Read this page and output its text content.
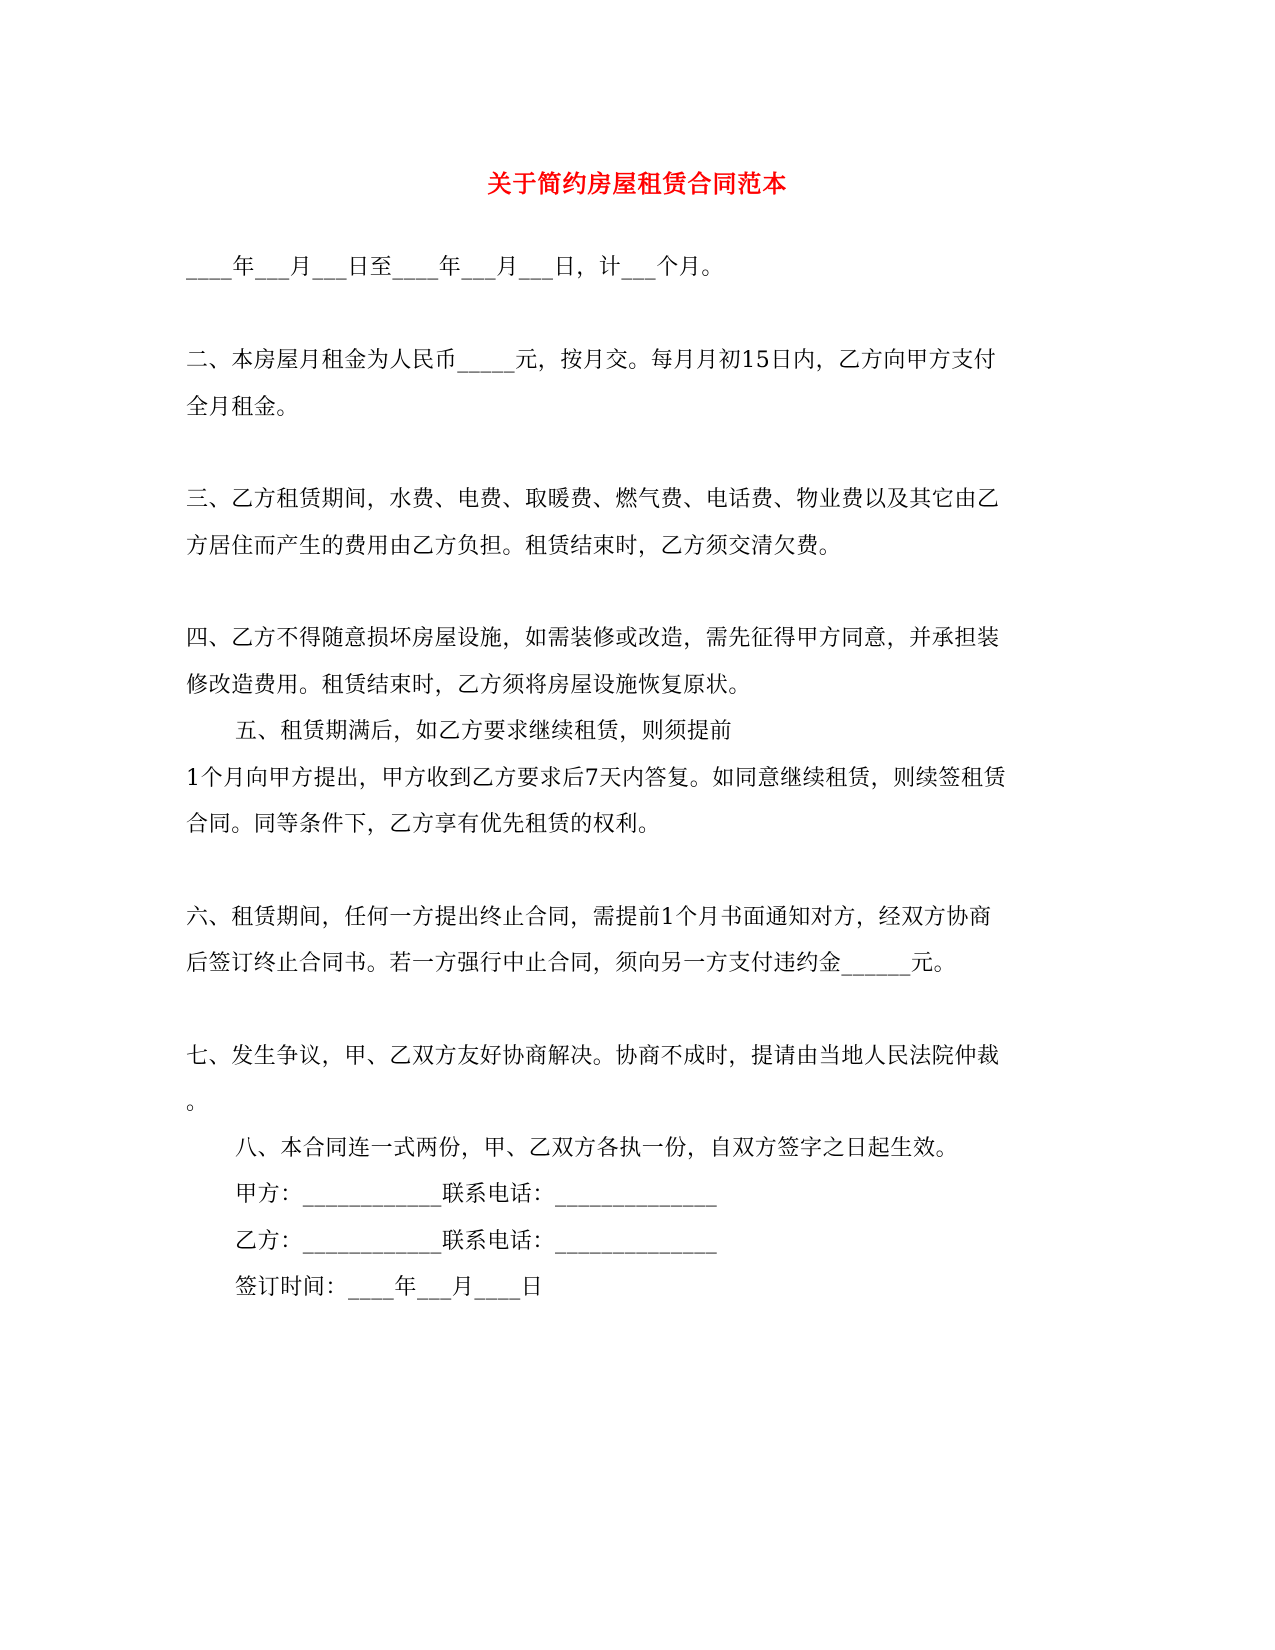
关于简约房屋租赁合同范本
____年___月___日至____年___月___日，计___个月。
二、本房屋月租金为人民币_____元，按月交。每月月初15日内，乙方向甲方支付
全月租金。
三、乙方租赁期间，水费、电费、取暖费、燃气费、电话费、物业费以及其它由乙
方居住而产生的费用由乙方负担。租赁结束时，乙方须交清欠费。
四、乙方不得随意损坏房屋设施，如需装修或改造，需先征得甲方同意，并承担装
修改造费用。租赁结束时，乙方须将房屋设施恢复原状。
五、租赁期满后，如乙方要求继续租赁，则须提前
1个月向甲方提出，甲方收到乙方要求后7天内答复。如同意继续租赁，则续签租赁
合同。同等条件下，乙方享有优先租赁的权利。
六、租赁期间，任何一方提出终止合同，需提前1个月书面通知对方，经双方协商
后签订终止合同书。若一方强行中止合同，须向另一方支付违约金______元。
七、发生争议，甲、乙双方友好协商解决。协商不成时，提请由当地人民法院仲裁
。
八、本合同连一式两份，甲、乙双方各执一份，自双方签字之日起生效。
甲方：____________联系电话：______________
乙方：____________联系电话：______________
签订时间：____年___月____日
